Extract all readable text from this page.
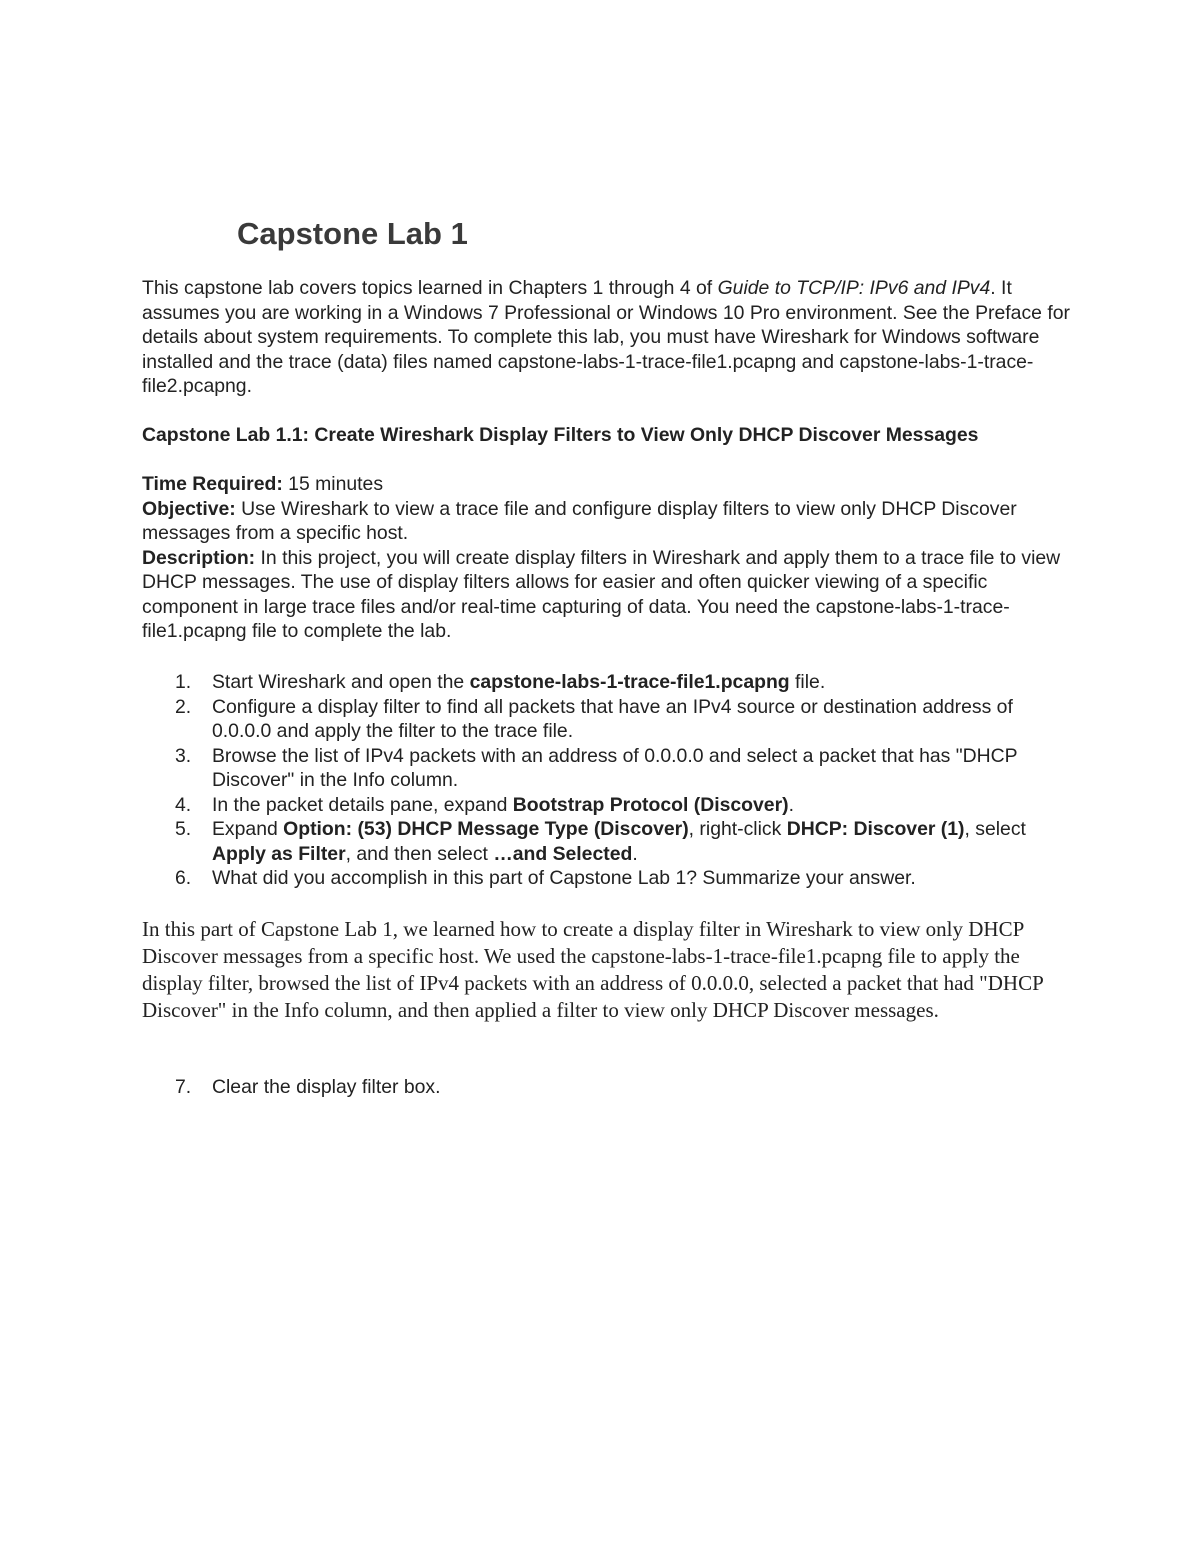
Capstone Lab 1

This capstone lab covers topics learned in Chapters 1 through 4 of Guide to TCP/IP: IPv6 and IPv4. It assumes you are working in a Windows 7 Professional or Windows 10 Pro environment. See the Preface for details about system requirements. To complete this lab, you must have Wireshark for Windows software installed and the trace (data) files named capstone-labs-1-trace-file1.pcapng and capstone-labs-1-trace-file2.pcapng.

Capstone Lab 1.1: Create Wireshark Display Filters to View Only DHCP Discover Messages

Time Required: 15 minutes

Objective: Use Wireshark to view a trace file and configure display filters to view only DHCP Discover messages from a specific host.

Description: In this project, you will create display filters in Wireshark and apply them to a trace file to view DHCP messages. The use of display filters allows for easier and often quicker viewing of a specific component in large trace files and/or real-time capturing of data. You need the capstone-labs-1-trace-file1.pcapng file to complete the lab.

1. Start Wireshark and open the capstone-labs-1-trace-file1.pcapng file.
2. Configure a display filter to find all packets that have an IPv4 source or destination address of 0.0.0.0 and apply the filter to the trace file.
3. Browse the list of IPv4 packets with an address of 0.0.0.0 and select a packet that has "DHCP Discover" in the Info column.
4. In the packet details pane, expand Bootstrap Protocol (Discover).
5. Expand Option: (53) DHCP Message Type (Discover), right-click DHCP: Discover (1), select Apply as Filter, and then select …and Selected.
6. What did you accomplish in this part of Capstone Lab 1? Summarize your answer.

In this part of Capstone Lab 1, we learned how to create a display filter in Wireshark to view only DHCP Discover messages from a specific host. We used the capstone-labs-1-trace-file1.pcapng file to apply the display filter, browsed the list of IPv4 packets with an address of 0.0.0.0, selected a packet that had "DHCP Discover" in the Info column, and then applied a filter to view only DHCP Discover messages.

7. Clear the display filter box.
